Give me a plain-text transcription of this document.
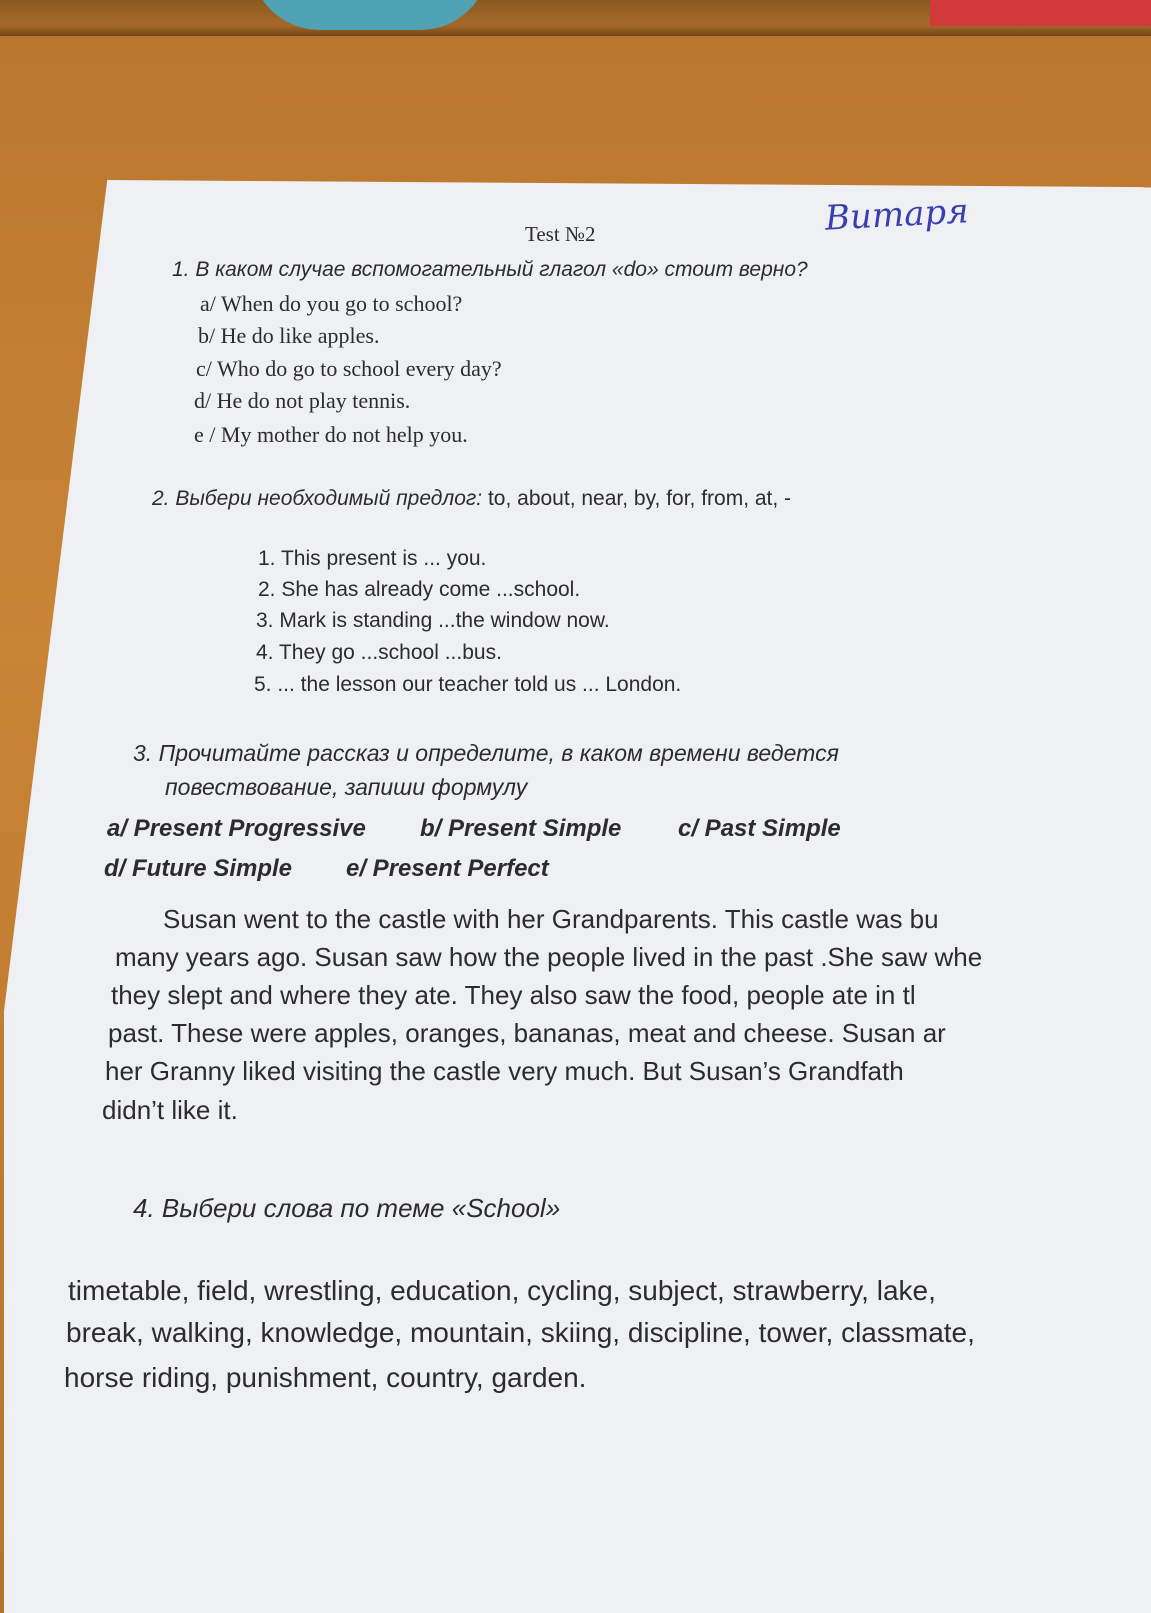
Test №2	Витаря
1. В каком случае вспомогательный глагол «do» стоит верно?
a/ When do you go to school?
b/ He do like apples.
c/ Who do go to school every day?
d/ He do not play tennis.
e / My mother do not help you.
2. Выбери необходимый предлог: to, about, near, by, for, from, at, -
1. This present is ... you.
2. She has already come ...school.
3. Mark is standing ...the window now.
4. They go ...school ...bus.
5. ... the lesson our teacher told us ... London.
3. Прочитайте рассказ и определите, в каком времени ведется
повествование, запиши формулу
a/ Present Progressive b/ Present Simple c/ Past Simple
d/ Future Simple e/ Present Perfect
Susan went to the castle with her Grandparents. This castle was bu
many years ago. Susan saw how the people lived in the past .She saw whe
they slept and where they ate. They also saw the food, people ate in tl
past. These were apples, oranges, bananas, meat and cheese. Susan ar
her Granny liked visiting the castle very much. But Susan’s Grandfath
didn’t like it.
4. Выбери слова по теме «School»
timetable, field, wrestling, education, cycling, subject, strawberry, lake,
break, walking, knowledge, mountain, skiing, discipline, tower, classmate,
horse riding, punishment, country, garden.
